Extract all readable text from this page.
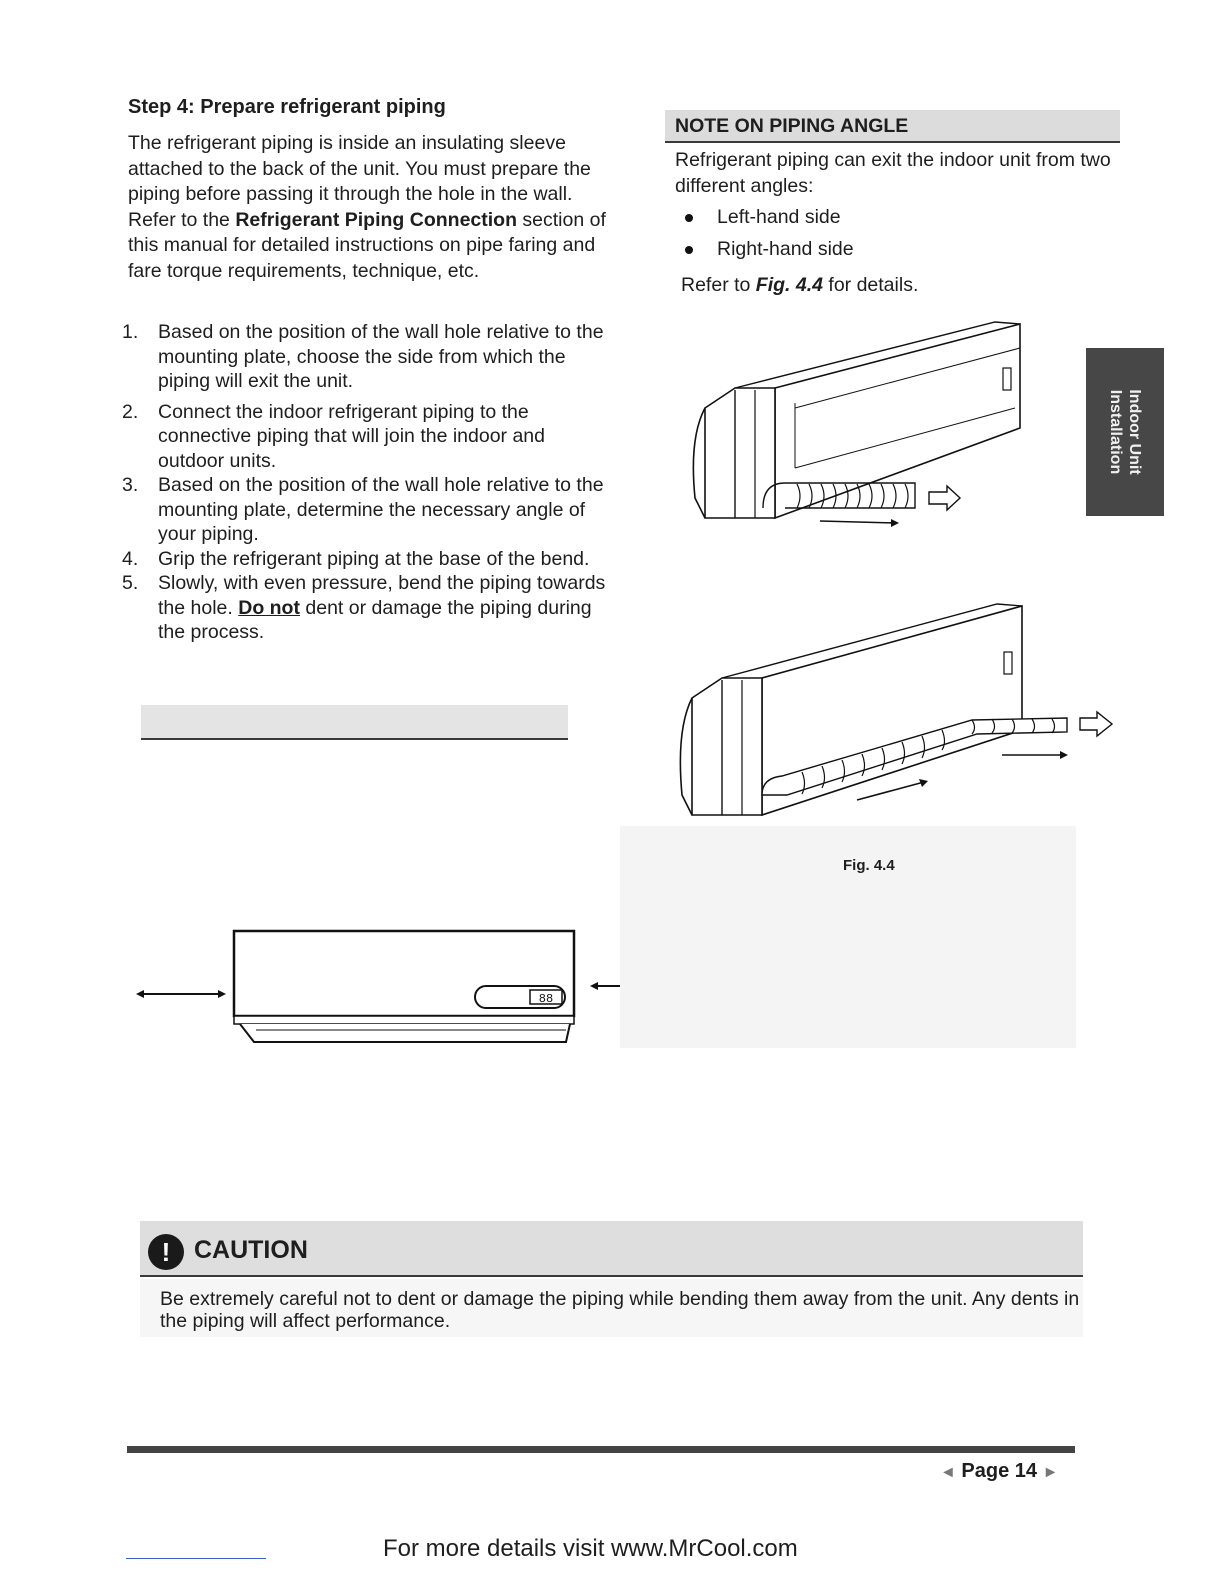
Step 4: Prepare refrigerant piping
The refrigerant piping is inside an insulating sleeve attached to the back of the unit. You must prepare the piping before passing it through the hole in the wall. Refer to the Refrigerant Piping Connection section of this manual for detailed instructions on pipe faring and fare torque requirements, technique, etc.
1. Based on the position of the wall hole relative to the mounting plate, choose the side from which the piping will exit the unit.
2. Connect the indoor refrigerant piping to the connective piping that will join the indoor and outdoor units.
3. Based on the position of the wall hole relative to the mounting plate, determine the necessary angle of your piping.
4. Grip the refrigerant piping at the base of the bend.
5. Slowly, with even pressure, bend the piping towards the hole. Do not dent or damage the piping during the process.
88
NOTE ON PIPING ANGLE
Refrigerant piping can exit the indoor unit from two different angles:
Left-hand side
Right-hand side
Refer to Fig. 4.4 for details.
Fig. 4.4
Indoor Unit
Installation
! CAUTION
Be extremely careful not to dent or damage the piping while bending them away from the unit. Any dents in the piping will affect performance.
◄ Page 14 ►
For more details visit www.MrCool.com
